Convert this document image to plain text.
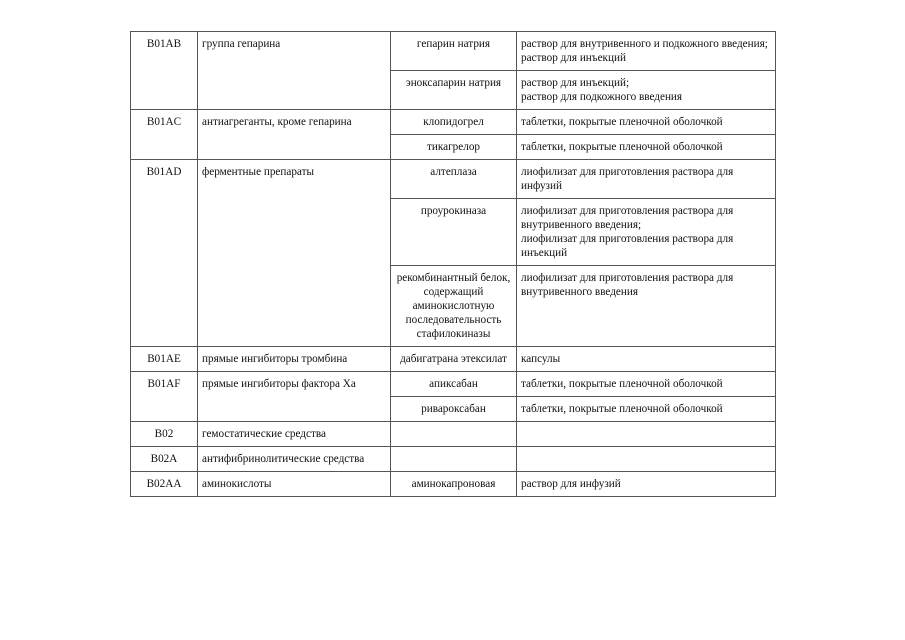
B01AB	группа гепарина	гепарин натрия	раствор для внутривенного и подкожного введения;
раствор для инъекций

		эноксапарин натрия	раствор для инъекций;
раствор для подкожного введения

B01AC	антиагреганты, кроме гепарина	клопидогрел	таблетки, покрытые пленочной оболочкой

		тикагрелор	таблетки, покрытые пленочной оболочкой

B01AD	ферментные препараты	алтеплаза	лиофилизат для приготовления раствора для инфузий

		проурокиназа	лиофилизат для приготовления раствора для внутривенного введения;
лиофилизат для приготовления раствора для инъекций

		рекомбинантный белок, содержащий аминокислотную последовательность стафилокиназы	лиофилизат для приготовления раствора для внутривенного введения

B01AE	прямые ингибиторы тромбина	дабигатрана этексилат	капсулы

B01AF	прямые ингибиторы фактора Xa	апиксабан	таблетки, покрытые пленочной оболочкой

		ривароксабан	таблетки, покрытые пленочной оболочкой

B02	гемостатические средства		
B02A	антифибринолитические средства		
B02AA	аминокислоты	аминокапроновая	раствор для инфузий
